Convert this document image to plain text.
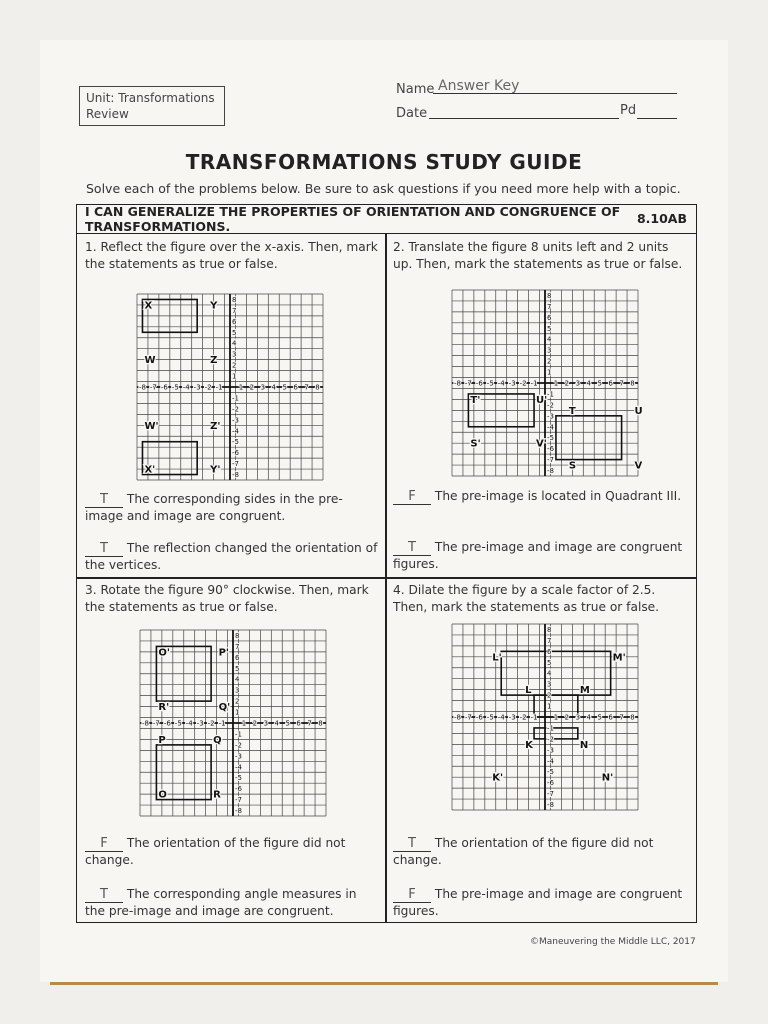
Unit: Transformations
Review
Name Answer Key
Date	Pd
TRANSFORMATIONS STUDY GUIDE
Solve each of the problems below. Be sure to ask questions if you need more help with a topic.
I CAN GENERALIZE THE PROPERTIES OF ORIENTATION AND CONGRUENCE OF TRANSFORMATIONS.	8.10AB
1. Reflect the figure over the x-axis. Then, mark the statements as true or false.
-8 -7 -6 -5 -4 -3 -2 -1 1 2 3 4 5 6 7 8
8
7
6
5
4
3
2
1
-1
-2
-3
-4
-5
-6
-7
-8
X	Y
W	Z
W'	Z'
X'	Y'
T The corresponding sides in the pre-image and image are congruent.
T The reflection changed the orientation of the vertices.
2. Translate the figure 8 units left and 2 units up. Then, mark the statements as true or false.
-8 -7 -6 -5 -4 -3 -2 -1 1 2 3 4 5 6 7 8
8
7
6
5
4
3
2
1
-1
-2
-3
-4
-5
-6
-7
-8
T'	U'
T	U
S'	V'
S	V
F The pre-image is located in Quadrant III.
T The pre-image and image are congruent figures.
3. Rotate the figure 90° clockwise. Then, mark the statements as true or false.
-8 -7 -6 -5 -4 -3 -2 -1 1 2 3 4 5 6 7 8
8
7
6
5
4
3
2
1
-1
-2
-3
-4
-5
-6
-7
-8
O'	P'
R'	Q'
P	Q
O	R
F The orientation of the figure did not change.
T The corresponding angle measures in the pre-image and image are congruent.
4. Dilate the figure by a scale factor of 2.5. Then, mark the statements as true or false.
-8 -7 -6 -5 -4 -3 -2 -1 1 2 3 4 5 6 7 8
8
7
6
5
4
3
2
1
-1
-2
-3
-4
-5
-6
-7
-8
L'	M'
L	M
K	N
K'	N'
T The orientation of the figure did not change.
F The pre-image and image are congruent figures.
©Maneuvering the Middle LLC, 2017
